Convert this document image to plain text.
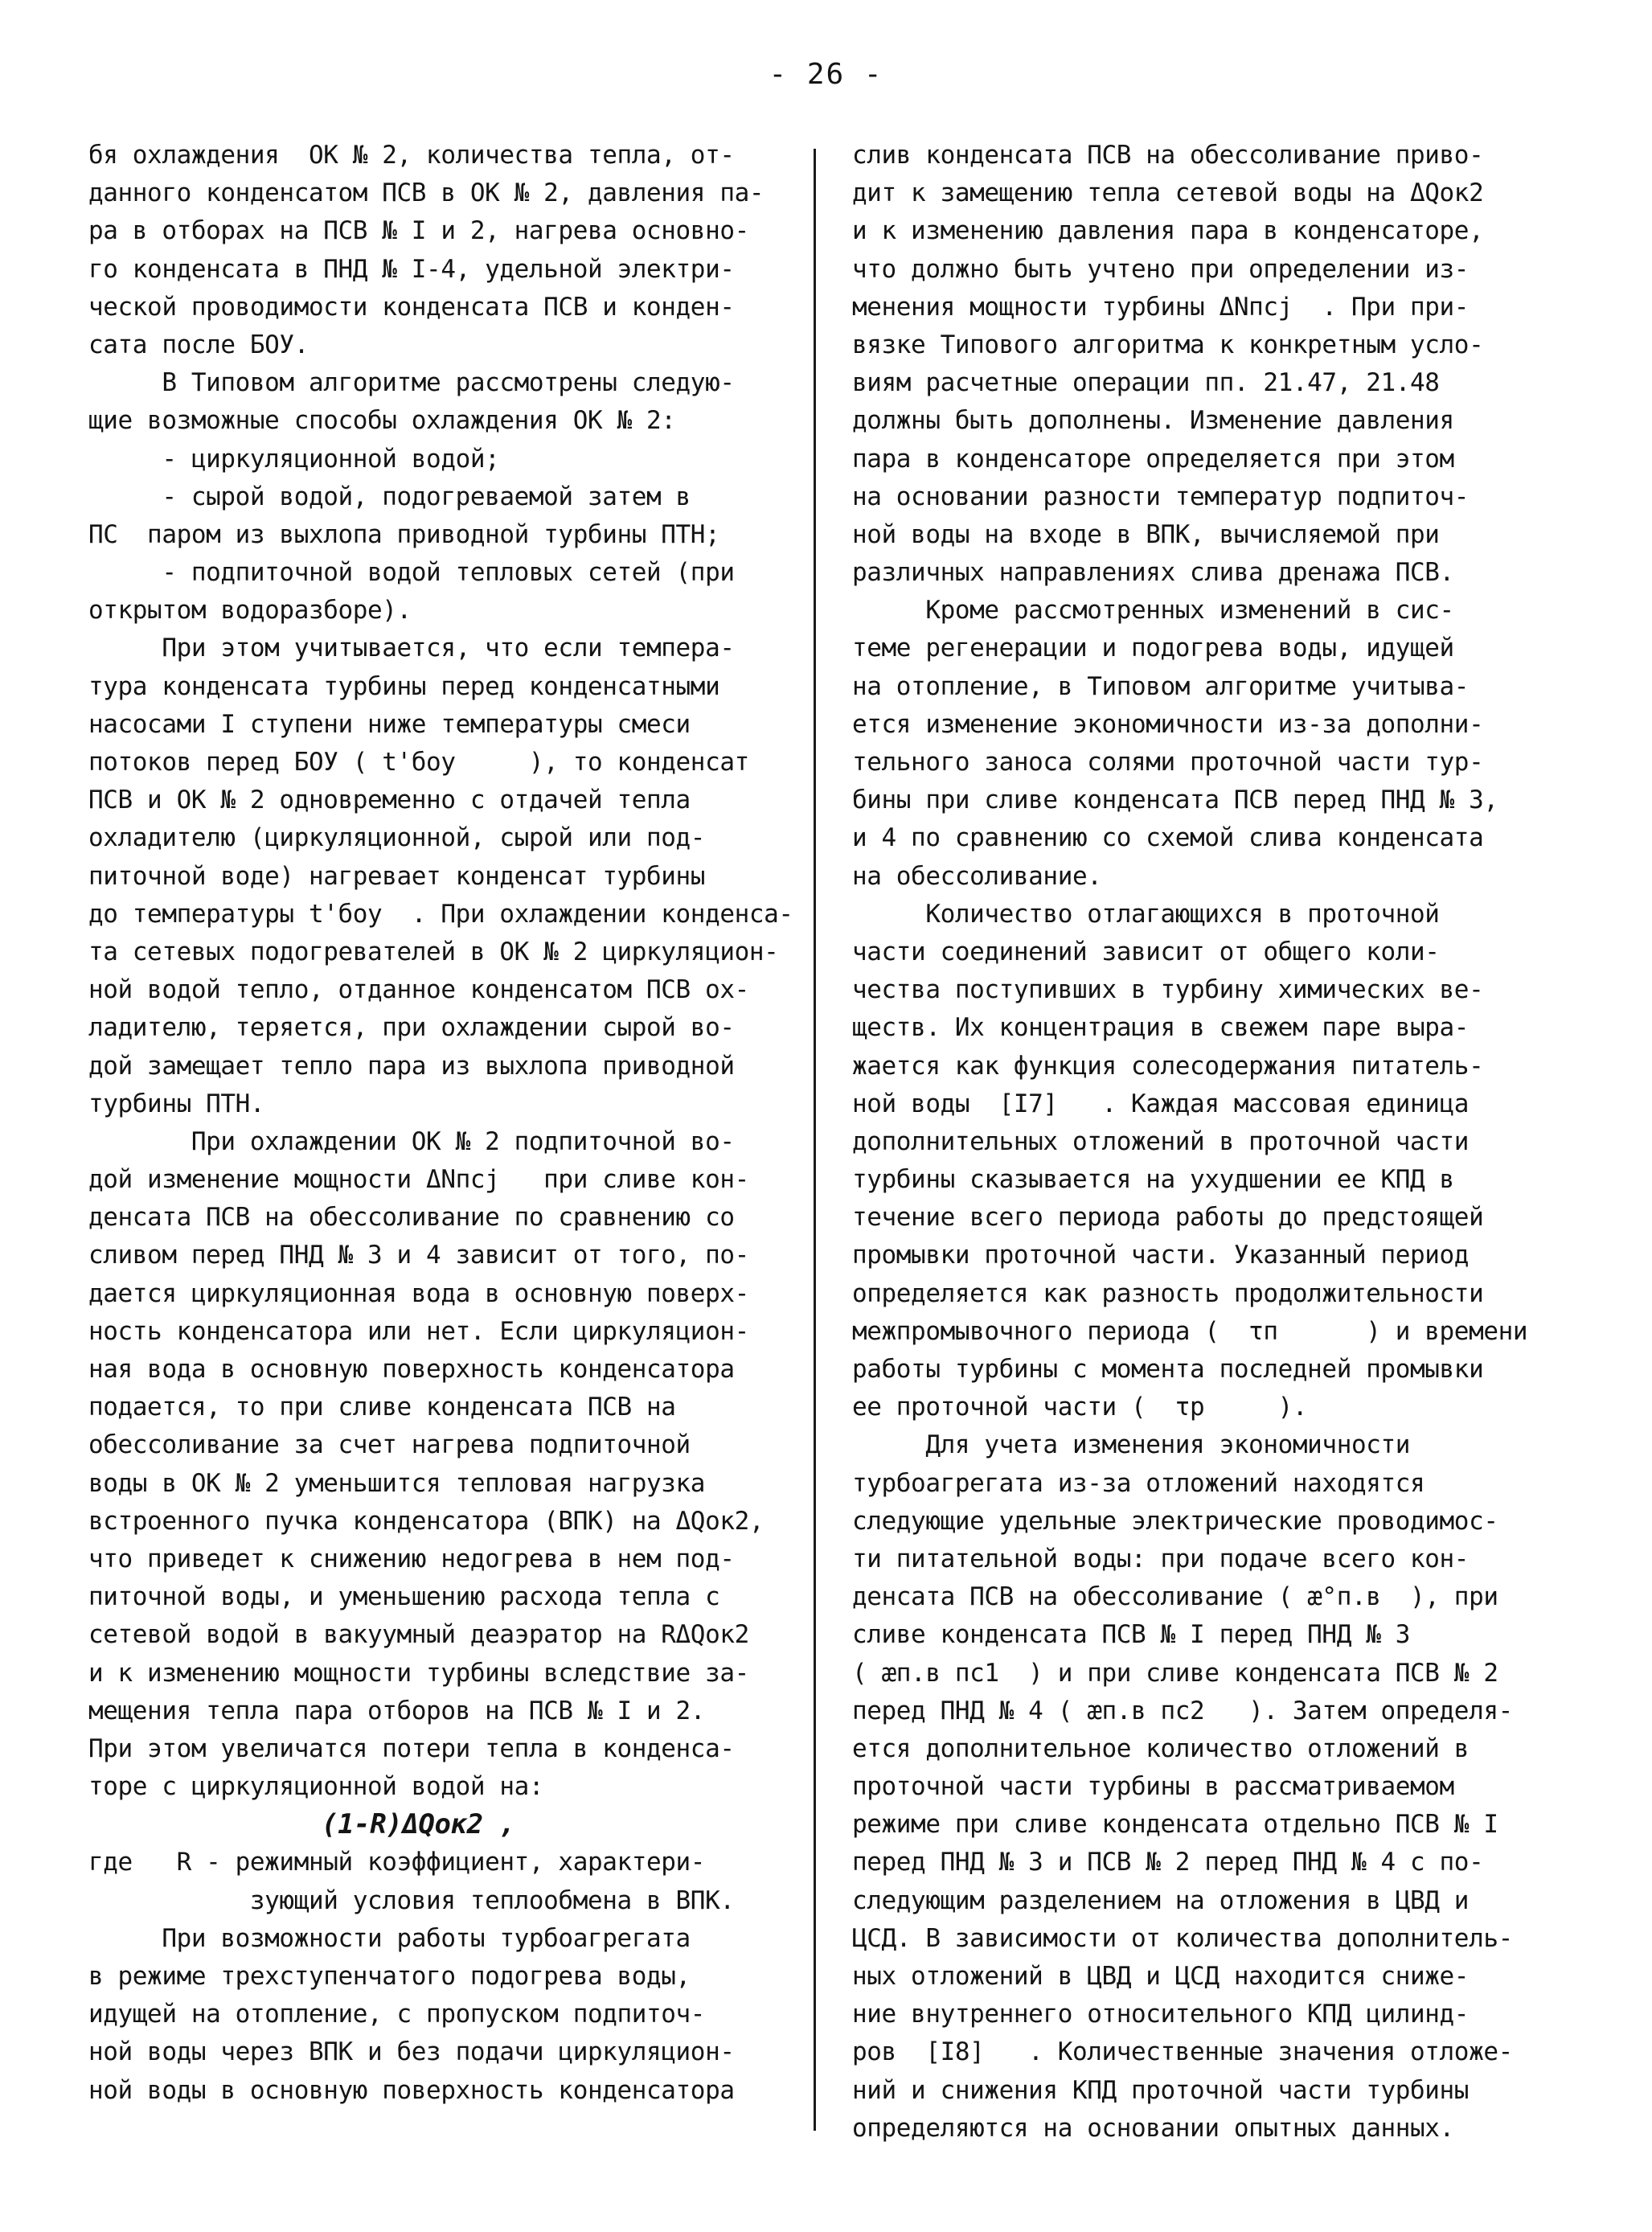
- 26 -
бя охлаждения  ОК № 2, количества тепла, от-
данного конденсатом ПСВ в ОК № 2, давления па-
ра в отборах на ПСВ № I и 2, нагрева основно-
го конденсата в ПНД № I-4, удельной электри-
ческой проводимости конденсата ПСВ и конден-
сата после БОУ.
В Типовом алгоритме рассмотрены следую-
щие возможные способы охлаждения ОК № 2:
- циркуляционной водой;
- сырой водой, подогреваемой затем в
ПС  паром из выхлопа приводной турбины ПТН;
- подпиточной водой тепловых сетей (при
открытом водоразборе).
При этом учитывается, что если темпера-
тура конденсата турбины перед конденсатными
насосами I ступени ниже температуры смеси
потоков перед БОУ ( t'боу     ), то конденсат
ПСВ и ОК № 2 одновременно с отдачей тепла
охладителю (циркуляционной, сырой или под-
питочной воде) нагревает конденсат турбины
до температуры t'боу  . При охлаждении конденса-
та сетевых подогревателей в ОК № 2 циркуляцион-
ной водой тепло, отданное конденсатом ПСВ ох-
ладителю, теряется, при охлаждении сырой во-
дой замещает тепло пара из выхлопа приводной
турбины ПТН.
При охлаждении ОК № 2 подпиточной во-
дой изменение мощности ΔNпсj   при сливе кон-
денсата ПСВ на обессоливание по сравнению со
сливом перед ПНД № 3 и 4 зависит от того, по-
дается циркуляционная вода в основную поверх-
ность конденсатора или нет. Если циркуляцион-
ная вода в основную поверхность конденсатора
подается, то при сливе конденсата ПСВ на
обессоливание за счет нагрева подпиточной
воды в ОК № 2 уменьшится тепловая нагрузка
встроенного пучка конденсатора (ВПК) на ΔQок2,
что приведет к снижению недогрева в нем под-
питочной воды, и уменьшению расхода тепла с
сетевой водой в вакуумный деаэратор на RΔQок2
и к изменению мощности турбины вследствие за-
мещения тепла пара отборов на ПСВ № I и 2.
При этом увеличатся потери тепла в конденса-
торе с циркуляционной водой на:
(1-R)ΔQок2 ,
где   R - режимный коэффициент, характери-
зующий условия теплообмена в ВПК.
При возможности работы турбоагрегата
в режиме трехступенчатого подогрева воды,
идущей на отопление, с пропуском подпиточ-
ной воды через ВПК и без подачи циркуляцион-
ной воды в основную поверхность конденсатора
слив конденсата ПСВ на обессоливание приво-
дит к замещению тепла сетевой воды на ΔQок2
и к изменению давления пара в конденсаторе,
что должно быть учтено при определении из-
менения мощности турбины ΔNпсj  . При при-
вязке Типового алгоритма к конкретным усло-
виям расчетные операции пп. 21.47, 21.48
должны быть дополнены. Изменение давления
пара в конденсаторе определяется при этом
на основании разности температур подпиточ-
ной воды на входе в ВПК, вычисляемой при
различных направлениях слива дренажа ПСВ.
Кроме рассмотренных изменений в сис-
теме регенерации и подогрева воды, идущей
на отопление, в Типовом алгоритме учитыва-
ется изменение экономичности из-за дополни-
тельного заноса солями проточной части тур-
бины при сливе конденсата ПСВ перед ПНД № 3,
и 4 по сравнению со схемой слива конденсата
на обессоливание.
Количество отлагающихся в проточной
части соединений зависит от общего коли-
чества поступивших в турбину химических ве-
ществ. Их концентрация в свежем паре выра-
жается как функция солесодержания питатель-
ной воды  [I7]   . Каждая массовая единица
дополнительных отложений в проточной части
турбины сказывается на ухудшении ее КПД в
течение всего периода работы до предстоящей
промывки проточной части. Указанный период
определяется как разность продолжительности
межпромывочного периода (  τп      ) и времени
работы турбины с момента последней промывки
ее проточной части (  τр     ).
Для учета изменения экономичности
турбоагрегата из-за отложений находятся
следующие удельные электрические проводимос-
ти питательной воды: при подаче всего кон-
денсата ПСВ на обессоливание ( æ°п.в  ), при
сливе конденсата ПСВ № I перед ПНД № 3
( æп.в пс1  ) и при сливе конденсата ПСВ № 2
перед ПНД № 4 ( æп.в пс2   ). Затем определя-
ется дополнительное количество отложений в
проточной части турбины в рассматриваемом
режиме при сливе конденсата отдельно ПСВ № I
перед ПНД № 3 и ПСВ № 2 перед ПНД № 4 с по-
следующим разделением на отложения в ЦВД и
ЦСД. В зависимости от количества дополнитель-
ных отложений в ЦВД и ЦСД находится сниже-
ние внутреннего относительного КПД цилинд-
ров  [I8]   . Количественные значения отложе-
ний и снижения КПД проточной части турбины
определяются на основании опытных данных.
